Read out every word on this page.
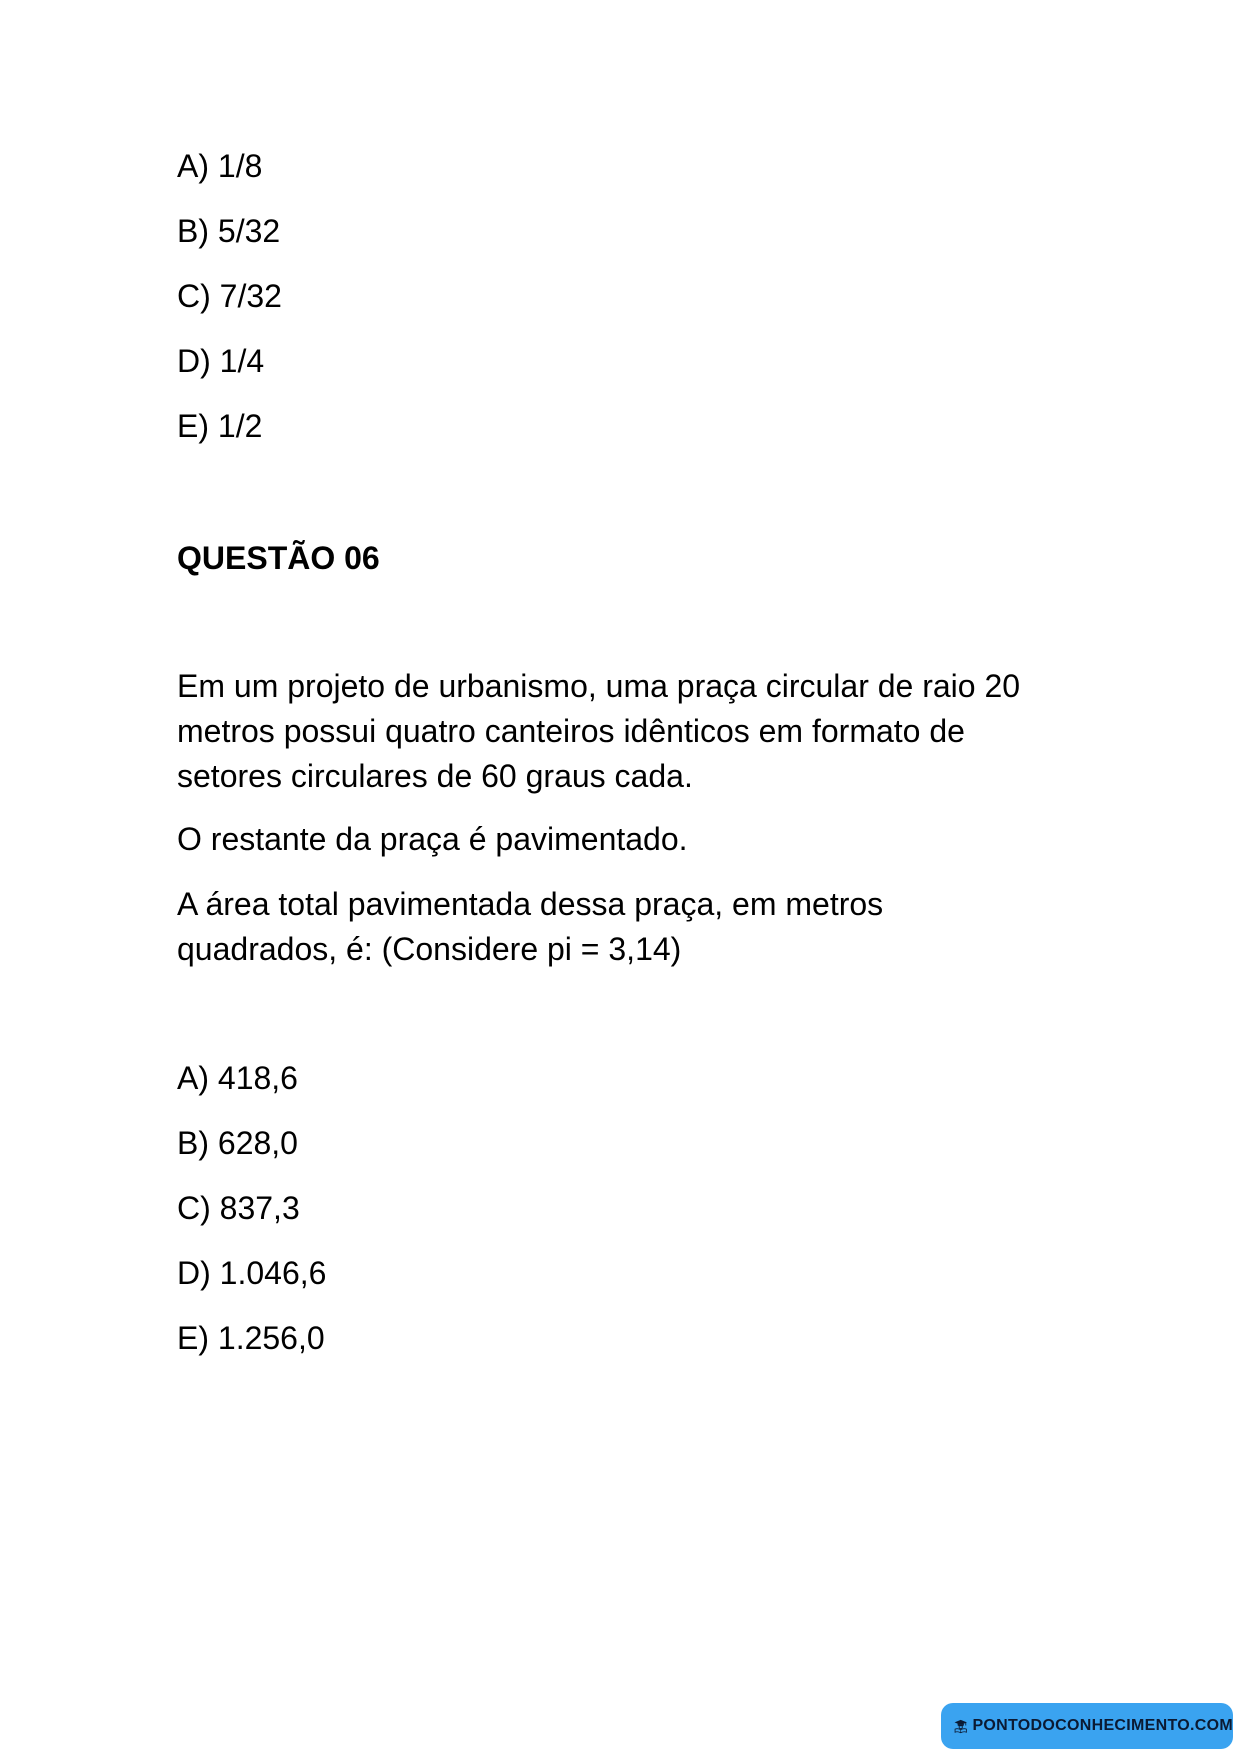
A) 1/8
B) 5/32
C) 7/32
D) 1/4
E) 1/2
QUESTÃO 06
Em um projeto de urbanismo, uma praça circular de raio 20
metros possui quatro canteiros idênticos em formato de
setores circulares de 60 graus cada.
O restante da praça é pavimentado.
A área total pavimentada dessa praça, em metros
quadrados, é: (Considere pi = 3,14)
A) 418,6
B) 628,0
C) 837,3
D) 1.046,6
E) 1.256,0
PONTODOCONHECIMENTO.COM
